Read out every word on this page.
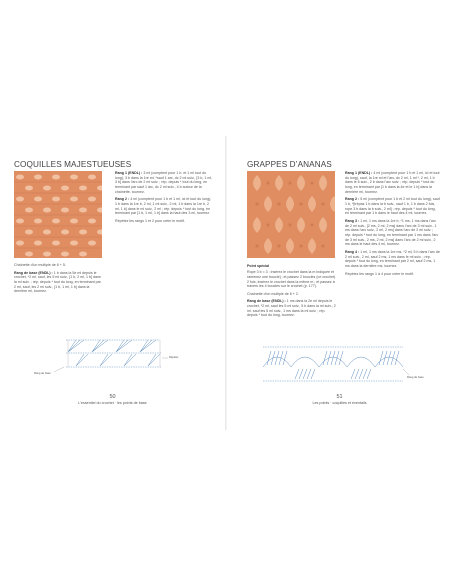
COQUILLES MAJESTUEUSES

Rang 1 (ENDL) : 3 ml (comptent pour 1 b. et 1 ml tout du long), 3 b dans la 1re ml, *sauf 1 arc, dc 2 ml suiv., [3 b, 1 ml, 3 b] dans l’arc de 2 ml suiv. ; rép. depuis * tout du long, en terminant par sauf 1 arc, dc 2 ml suiv., 4 b autour de la chaînette, tournez.

Rang 2 : 4 ml (comptent pour 1 b et 1 ml, ici et tout du long), 1 b dans la 1re b, 2 ml, 1 ml suiv., 2 ml, 1 b dans la 1re b, 2 ml, 1 b] dans le ml suiv., 2 ml ; rép. depuis * tout du long, en terminant par [1 b, 1 ml, 1 b] dans la haut des 3 ml, tournez.

Répétez les rangs 1 et 2 pour créer le motif.

Chaînette d’un multiple de 6 + 5.

Rang de base (ENDL) : 1 b dans la 5e ml depuis le crochet, *2 ml, sauf, les 5 ml suiv., [1 b, 2 ml, 1 b] dans la ml suiv. ; rép. depuis * tout du long, en terminant par 2 ml, sauf, les 2 ml suiv., [1 b, 1 ml, 1 b] dans la dernière ml, tournez.

Répéter
Rang de base
50
L’essentiel du crochet · les points de base
GRAPPES D’ANANAS

Rang 1 (ENDL) : 4 ml (comptent pour 1 b et 1 ml, ici et tout du long), sauf, la 1re ml et l’arc, dc 2 ml, 1 ml *, 2 ml, 1 b dans le 6 suiv., 2 b dans l’arc suiv. ; rép. depuis * tout du long, en terminant par [1 b dans la 4e et le 1 b] dans la dernière ml, tournez.

Rang 2 : 5 ml (comptent pour 1 b et 2 ml tout du long), sauf 1 b, *[trépas 1 b dans la b suiv., sauf 1 b, 1 b dans 2 fois, rope 3 b dans la b suiv., 2 ml] ; rép. depuis * tout du long, en terminant par 1 b dans le haut des 4 ml, tournez.

Rang 3 : 1 ml, 1 ms dans la 1re b, *1 ms, 1 ms dans l’arc de 2 ml suiv., [2 ms, 2 ml, 2 ms] dans l’arc de 3 ml suiv., 1 ms dans l’arc suiv., 2 ml, 2 ms] dans l’arc de 2 ml suiv. ; rép. depuis * tout du long, en terminant par 1 ms dans l’arc de 3 ml suiv., 2 ms, 2 ml, 2 ms] dans l’arc de 2 ml suiv., 2 ms dans le haut des 4 ml, tournez.

Rang 4 : 1 ml, 1 ms dans la 1re ms, *2 ml, 5 b dans l’arc de 2 ml suiv., 2 ml, sauf 2 ms, 1 ms dans le ml suiv. ; rép. depuis * tout du long, en terminant par 2 ml, sauf 2 ms, 1 ms dans la dernière ms, tournez.

Répétez les rangs 1 à 4 pour créer le motif.

Point spécial

Rope 3 b = 3 : insérez le crochet dans la m indiquée et ramenez une boucle] ; et passez 2 boucles (ce crochet) 2 fois, insérez le crochet dans la même m ; et passez à travers les 4 boucles sur le crochet (p. 177).

Chaînette d’un multiple de 6 + 2.

Rang de base (ENDL) : 1 ms dans la 2e ml depuis le crochet, *2 ml, sauf les 5 ml suiv., 5 b dans la ml suiv., 2 ml, sauf les 5 ml suiv., 1 ms dans la ml suiv. ; rép. depuis * tout du long, tournez.

Rang de base
51
Les points · coquilles et éventails
